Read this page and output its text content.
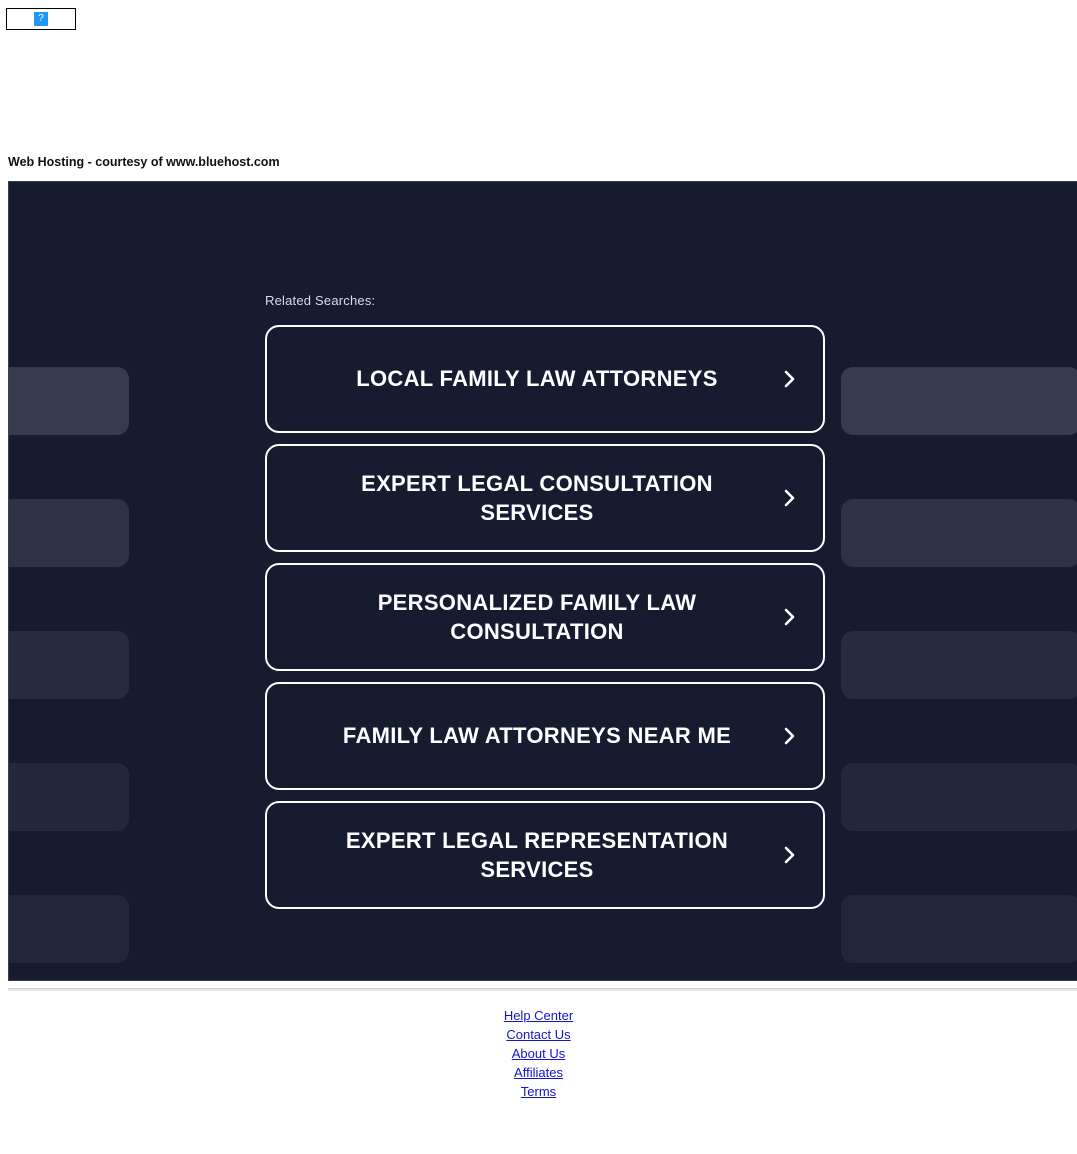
?
Web Hosting - courtesy of www.bluehost.com
Related Searches:
LOCAL FAMILY LAW ATTORNEYS
EXPERT LEGAL CONSULTATION SERVICES
PERSONALIZED FAMILY LAW CONSULTATION
FAMILY LAW ATTORNEYS NEAR ME
EXPERT LEGAL REPRESENTATION SERVICES
Help Center
Contact Us
About Us
Affiliates
Terms
